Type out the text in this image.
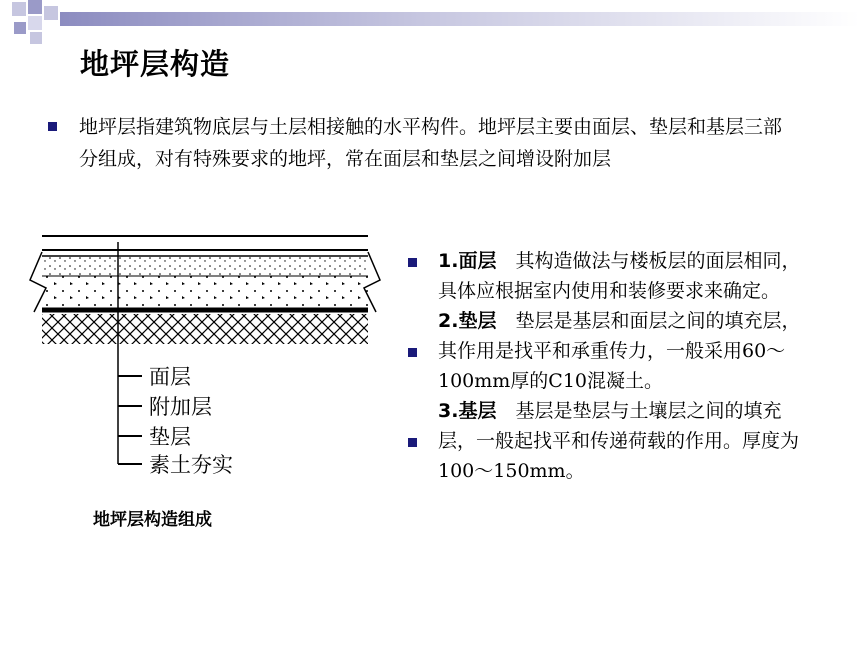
地坪层构造
地坪层指建筑物底层与土层相接触的水平构件。地坪层主要由面层、垫层和基层三部分组成，对有特殊要求的地坪，常在面层和垫层之间增设附加层
面层
附加层
垫层
素土夯实
地坪层构造组成
1.面层  其构造做法与楼板层的面层相同，具体应根据室内使用和装修要求来确定。
2.垫层  垫层是基层和面层之间的填充层，其作用是找平和承重传力，一般采用60～100mm厚的C10混凝土。
3.基层  基层是垫层与土壤层之间的填充层，一般起找平和传递荷载的作用。厚度为100～150mm。
